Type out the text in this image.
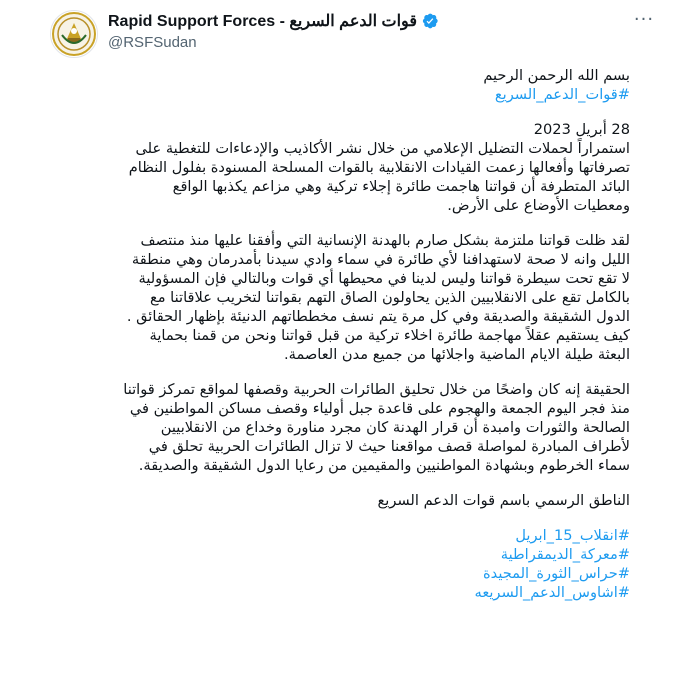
Rapid Support Forces - قوات الدعم السريع
@RSFSudan
···

بسم الله الرحمن الرحيم

#قوات_الدعم_السريع

28 أبريل 2023

استمراراً لحملات التضليل الإعلامي من خلال نشر الأكاذيب والإدعاءات للتغطية على
تصرفاتها وأفعالها زعمت القيادات الانقلابية بالقوات المسلحة المسنودة بفلول النظام
البائد المتطرفة أن قواتنا هاجمت طائرة إجلاء تركية وهي مزاعم يكذبها الواقع
ومعطيات الأوضاع على الأرض.

لقد ظلت قواتنا ملتزمة بشكل صارم بالهدنة الإنسانية التي وأفقنا عليها منذ منتصف
الليل وانه لا صحة لاستهدافنا لأي طائرة في سماء وادي سيدنا بأمدرمان وهي منطقة
لا تقع تحت سيطرة قواتنا وليس لدينا في محيطها أي قوات وبالتالي فإن المسؤولية
بالكامل تقع على الانقلابيين الذين يحاولون الصاق التهم بقواتنا لتخريب علاقاتنا مع
الدول الشقيقة والصديقة وفي كل مرة يتم نسف مخططاتهم الدنيئة بإظهار الحقائق .
كيف يستقيم عقلاً مهاجمة طائرة اخلاء تركية من قبل قواتنا ونحن من قمنا بحماية
البعثة طيلة الايام الماضية واجلائها من جميع مدن العاصمة.

الحقيقة إنه كان واضحًا من خلال تحليق الطائرات الحربية وقصفها لمواقع تمركز قواتنا
منذ فجر اليوم الجمعة والهجوم على قاعدة جبل أولياء وقصف مساكن المواطنين في
الصالحة والثورات وامبدة أن قرار الهدنة كان مجرد مناورة وخداع من الانقلابيين
لأطراف المبادرة لمواصلة قصف مواقعنا حيث لا تزال الطائرات الحربية تحلق في
سماء الخرطوم وبشهادة المواطنيين والمقيمين من رعايا الدول الشقيقة والصديقة.

الناطق الرسمي باسم قوات الدعم السريع

#انقلاب_15_ابريل
#معركة_الديمقراطية
#حراس_الثورة_المجيدة
#اشاوس_الدعم_السريعه
